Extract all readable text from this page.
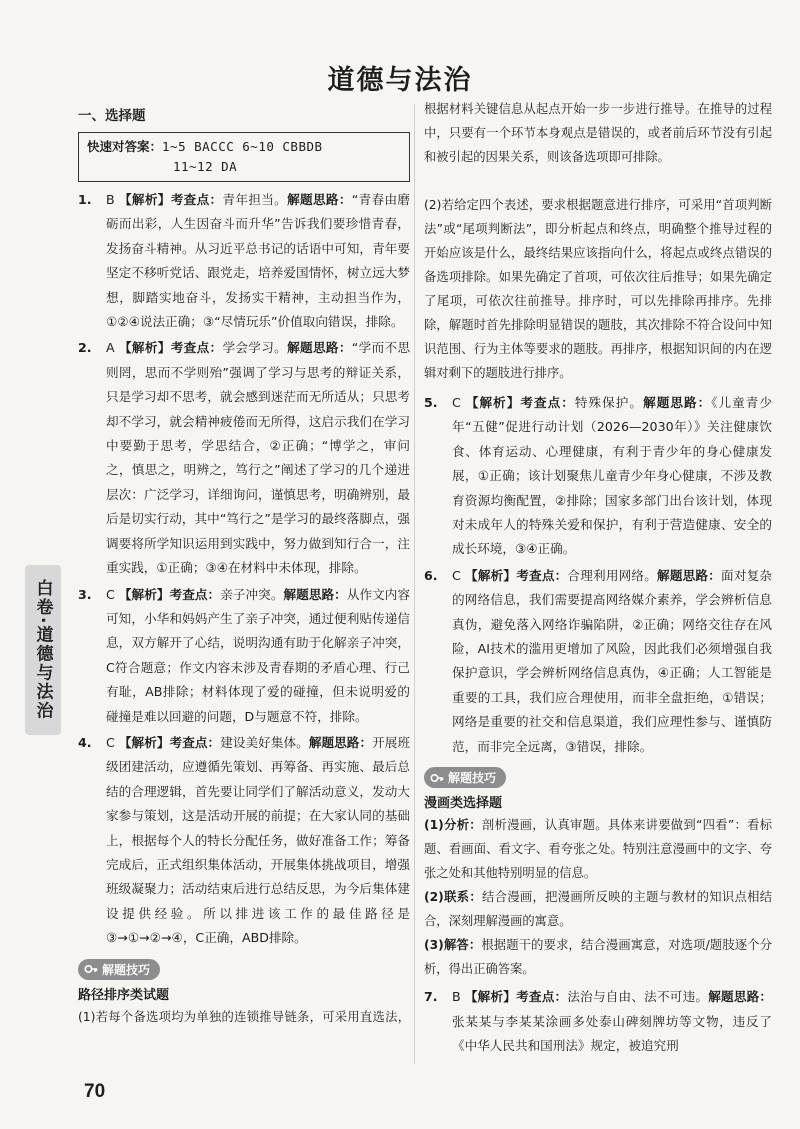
道德与法治
白卷·道德与法治
一、选择题
快速对答案：1~5 BACCC 6~10 CBBDB
11~12 DA
1.	B 【解析】考查点：青年担当。解题思路：“青春由磨砺而出彩，人生因奋斗而升华”告诉我们要珍惜青春，发扬奋斗精神。从习近平总书记的话语中可知，青年要坚定不移听党话、跟党走，培养爱国情怀，树立远大梦想，脚踏实地奋斗，发扬实干精神，主动担当作为，①②④说法正确；③“尽情玩乐”价值取向错误，排除。
2.	A 【解析】考查点：学会学习。解题思路：“学而不思则罔，思而不学则殆”强调了学习与思考的辩证关系，只是学习却不思考，就会感到迷茫而无所适从；只思考却不学习，就会精神疲倦而无所得，这启示我们在学习中要勤于思考，学思结合，②正确；“博学之，审问之，慎思之，明辨之，笃行之”阐述了学习的几个递进层次：广泛学习，详细询问，谨慎思考，明确辨别，最后是切实行动，其中“笃行之”是学习的最终落脚点，强调要将所学知识运用到实践中，努力做到知行合一，注重实践，①正确；③④在材料中未体现，排除。
3.	C 【解析】考查点：亲子冲突。解题思路：从作文内容可知，小华和妈妈产生了亲子冲突，通过便利贴传递信息，双方解开了心结，说明沟通有助于化解亲子冲突，C符合题意；作文内容未涉及青春期的矛盾心理、行己有耻，AB排除；材料体现了爱的碰撞，但未说明爱的碰撞是难以回避的问题，D与题意不符，排除。
4.	C 【解析】考查点：建设美好集体。解题思路：开展班级团建活动，应遵循先策划、再筹备、再实施、最后总结的合理逻辑，首先要让同学们了解活动意义，发动大家参与策划，这是活动开展的前提；在大家认同的基础上，根据每个人的特长分配任务，做好准备工作；筹备完成后，正式组织集体活动，开展集体挑战项目，增强班级凝聚力；活动结束后进行总结反思，为今后集体建设提供经验。所以排进该工作的最佳路径是③→①→②→④，C正确，ABD排除。
解题技巧
路径排序类试题
(1)若每个备选项均为单独的连锁推导链条，可采用直选法，
根据材料关键信息从起点开始一步一步进行推导。在推导的过程中，只要有一个环节本身观点是错误的，或者前后环节没有引起和被引起的因果关系，则该备选项即可排除。
(2)若给定四个表述，要求根据题意进行排序，可采用“首项判断法”或“尾项判断法”，即分析起点和终点，明确整个推导过程的开始应该是什么，最终结果应该指向什么，将起点或终点错误的备选项排除。如果先确定了首项，可依次往后推导；如果先确定了尾项，可依次往前推导。排序时，可以先排除再排序。先排除，解题时首先排除明显错误的题肢，其次排除不符合设问中知识范围、行为主体等要求的题肢。再排序，根据知识间的内在逻辑对剩下的题肢进行排序。
5.	C 【解析】考查点：特殊保护。解题思路：《儿童青少年“五健”促进行动计划（2026—2030年）》关注健康饮食、体育运动、心理健康，有利于青少年的身心健康发展，①正确；该计划聚焦儿童青少年身心健康，不涉及教育资源均衡配置，②排除；国家多部门出台该计划，体现对未成年人的特殊关爱和保护，有利于营造健康、安全的成长环境，③④正确。
6.	C 【解析】考查点：合理利用网络。解题思路：面对复杂的网络信息，我们需要提高网络媒介素养，学会辨析信息真伪，避免落入网络诈骗陷阱，②正确；网络交往存在风险，AI技术的滥用更增加了风险，因此我们必须增强自我保护意识，学会辨析网络信息真伪，④正确；人工智能是重要的工具，我们应合理使用，而非全盘拒绝，①错误；网络是重要的社交和信息渠道，我们应理性参与、谨慎防范，而非完全远离，③错误，排除。
解题技巧
漫画类选择题
(1)分析：剖析漫画，认真审题。具体来讲要做到“四看”：看标题、看画面、看文字、看夸张之处。特别注意漫画中的文字、夸张之处和其他特别明显的信息。
(2)联系：结合漫画，把漫画所反映的主题与教材的知识点相结合，深刻理解漫画的寓意。
(3)解答：根据题干的要求，结合漫画寓意，对选项/题肢逐个分析，得出正确答案。
7.	B 【解析】考查点：法治与自由、法不可违。解题思路：张某某与李某某涂画多处泰山碑刻牌坊等文物，违反了《中华人民共和国刑法》规定，被追究刑
70
